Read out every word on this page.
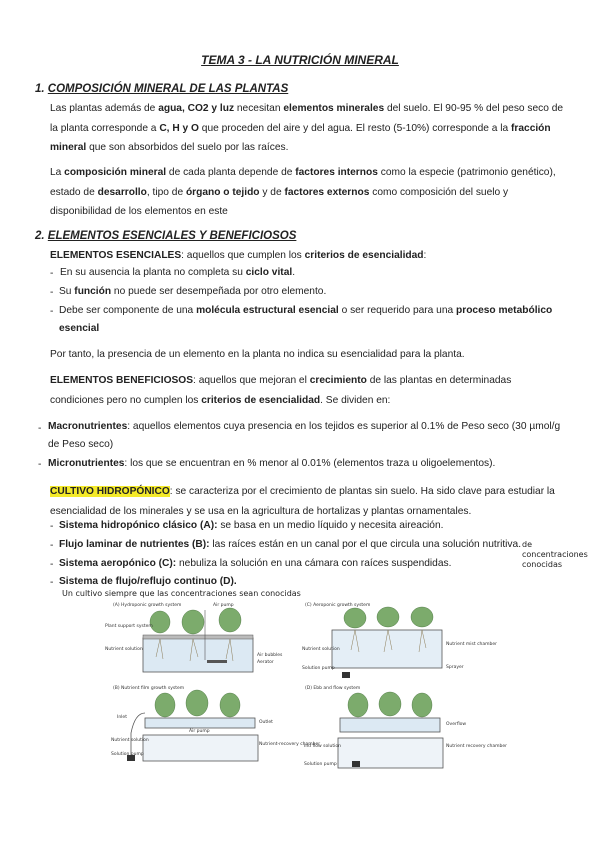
TEMA 3 - LA NUTRICIÓN MINERAL
1. COMPOSICIÓN MINERAL DE LAS PLANTAS
Las plantas además de agua, CO2 y luz necesitan elementos minerales del suelo. El 90-95 % del peso seco de la planta corresponde a C, H y O que proceden del aire y del agua. El resto (5-10%) corresponde a la fracción mineral que son absorbidos del suelo por las raíces.
La composición mineral de cada planta depende de factores internos como la especie (patrimonio genético), estado de desarrollo, tipo de órgano o tejido y de factores externos como composición del suelo y disponibilidad de los elementos en este
2. ELEMENTOS ESENCIALES Y BENEFICIOSOS
ELEMENTOS ESENCIALES: aquellos que cumplen los criterios de esencialidad:
- En su ausencia la planta no completa su ciclo vital.
- Su función no puede ser desempeñada por otro elemento.
- Debe ser componente de una molécula estructural esencial o ser requerido para una proceso metabólico esencial
Por tanto, la presencia de un elemento en la planta no indica su esencialidad para la planta.
ELEMENTOS BENEFICIOSOS: aquellos que mejoran el crecimiento de las plantas en determinadas condiciones pero no cumplen los criterios de esencialidad. Se dividen en:
- Macronutrientes: aquellos elementos cuya presencia en los tejidos es superior al 0.1% de Peso seco (30 µmol/g de Peso seco)
- Micronutrientes: los que se encuentran en % menor al 0.01% (elementos traza u oligoelementos).
CULTIVO HIDROPÓNICO: se caracteriza por el crecimiento de plantas sin suelo. Ha sido clave para estudiar la esencialidad de los minerales y se usa en la agricultura de hortalizas y plantas ornamentales.
- Sistema hidropónico clásico (A): se basa en un medio líquido y necesita aireación.
- Flujo laminar de nutrientes (B): las raíces están en un canal por el que circula una solución nutritiva.
- Sistema aeropónico (C): nebuliza la solución en una cámara con raíces suspendidas.
- Sistema de flujo/reflujo continuo (D).
de concentraciones conocidas
Un cultivo siempre que las concentraciones sean conocidas
(A) Hydroponic growth system
Plant support system
Nutrient solution
Air pump
Air bubbles
Aerator
(C) Aeroponic growth system
Nutrient solution
Solution pump
Nutrient mist chamber
Sprayer
(B) Nutrient film growth system
Inlet
Nutrient solution
Solution pump
Air pump
Outlet
Nutrient-recovery chamber
(D) Ebb and flow system
Ind flow solution
Solution pump
Overflow
Nutrient recovery chamber
